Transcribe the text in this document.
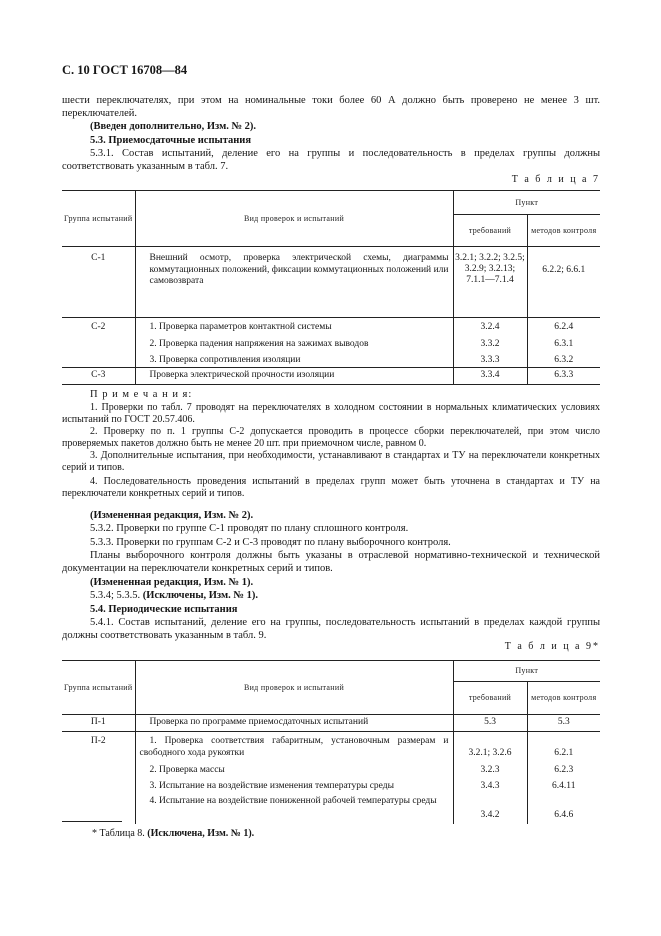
С. 10 ГОСТ 16708—84
шести переключателях, при этом на номинальные токи более 60 А должно быть проверено не менее 3 шт. переключателей.
(Введен дополнительно, Изм. № 2).
5.3. Приемосдаточные испытания
5.3.1. Состав испытаний, деление его на группы и последовательность в пределах группы должны соответствовать указанным в табл. 7.
Т а б л и ц а 7
Группа испытаний	Вид проверок и испытаний	Пункт	
		требований	методов контроля
С-1	Внешний осмотр, проверка электрической схемы, диаграммы коммутационных положений, фиксации коммутационных положений или самовозврата	3.2.1; 3.2.2; 3.2.5; 3.2.9; 3.2.13; 7.1.1—7.1.4	6.2.2; 6.6.1
С-2	1. Проверка параметров контактной системы	3.2.4	6.2.4
	2. Проверка падения напряжения на зажимах выводов	3.3.2	6.3.1
	3. Проверка сопротивления изоляции	3.3.3	6.3.2
С-3	Проверка электрической прочности изоляции	3.3.4	6.3.3
П р и м е ч а н и я:
1. Проверки по табл. 7 проводят на переключателях в холодном состоянии в нормальных климатических условиях испытаний по ГОСТ 20.57.406.
2. Проверку по п. 1 группы С-2 допускается проводить в процессе сборки переключателей, при этом число проверяемых пакетов должно быть не менее 20 шт. при приемочном числе, равном 0.
3. Дополнительные испытания, при необходимости, устанавливают в стандартах и ТУ на переключатели конкретных серий и типов.
4. Последовательность проведения испытаний в пределах групп может быть уточнена в стандартах и ТУ на переключатели конкретных серий и типов.
(Измененная редакция, Изм. № 2).
5.3.2. Проверки по группе С-1 проводят по плану сплошного контроля.
5.3.3. Проверки по группам С-2 и С-3 проводят по плану выборочного контроля.
Планы выборочного контроля должны быть указаны в отраслевой нормативно-технической и технической документации на переключатели конкретных серий и типов.
(Измененная редакция, Изм. № 1).
5.3.4; 5.3.5. (Исключены, Изм. № 1).
5.4. Периодические испытания
5.4.1. Состав испытаний, деление его на группы, последовательность испытаний в пределах каждой группы должны соответствовать указанным в табл. 9.
Т а б л и ц а 9*
Группа испытаний	Вид проверок и испытаний	Пункт	
		требований	методов контроля
П-1	Проверка по программе приемосдаточных испытаний	5.3	5.3
П-2	1. Проверка соответствия габаритным, установочным размерам и свободного хода рукоятки	3.2.1; 3.2.6	6.2.1
	2. Проверка массы	3.2.3	6.2.3
	3. Испытание на воздействие изменения температуры среды	3.4.3	6.4.11
	4. Испытание на воздействие пониженной рабочей температуры среды	3.4.2	6.4.6
* Таблица 8. (Исключена, Изм. № 1).
